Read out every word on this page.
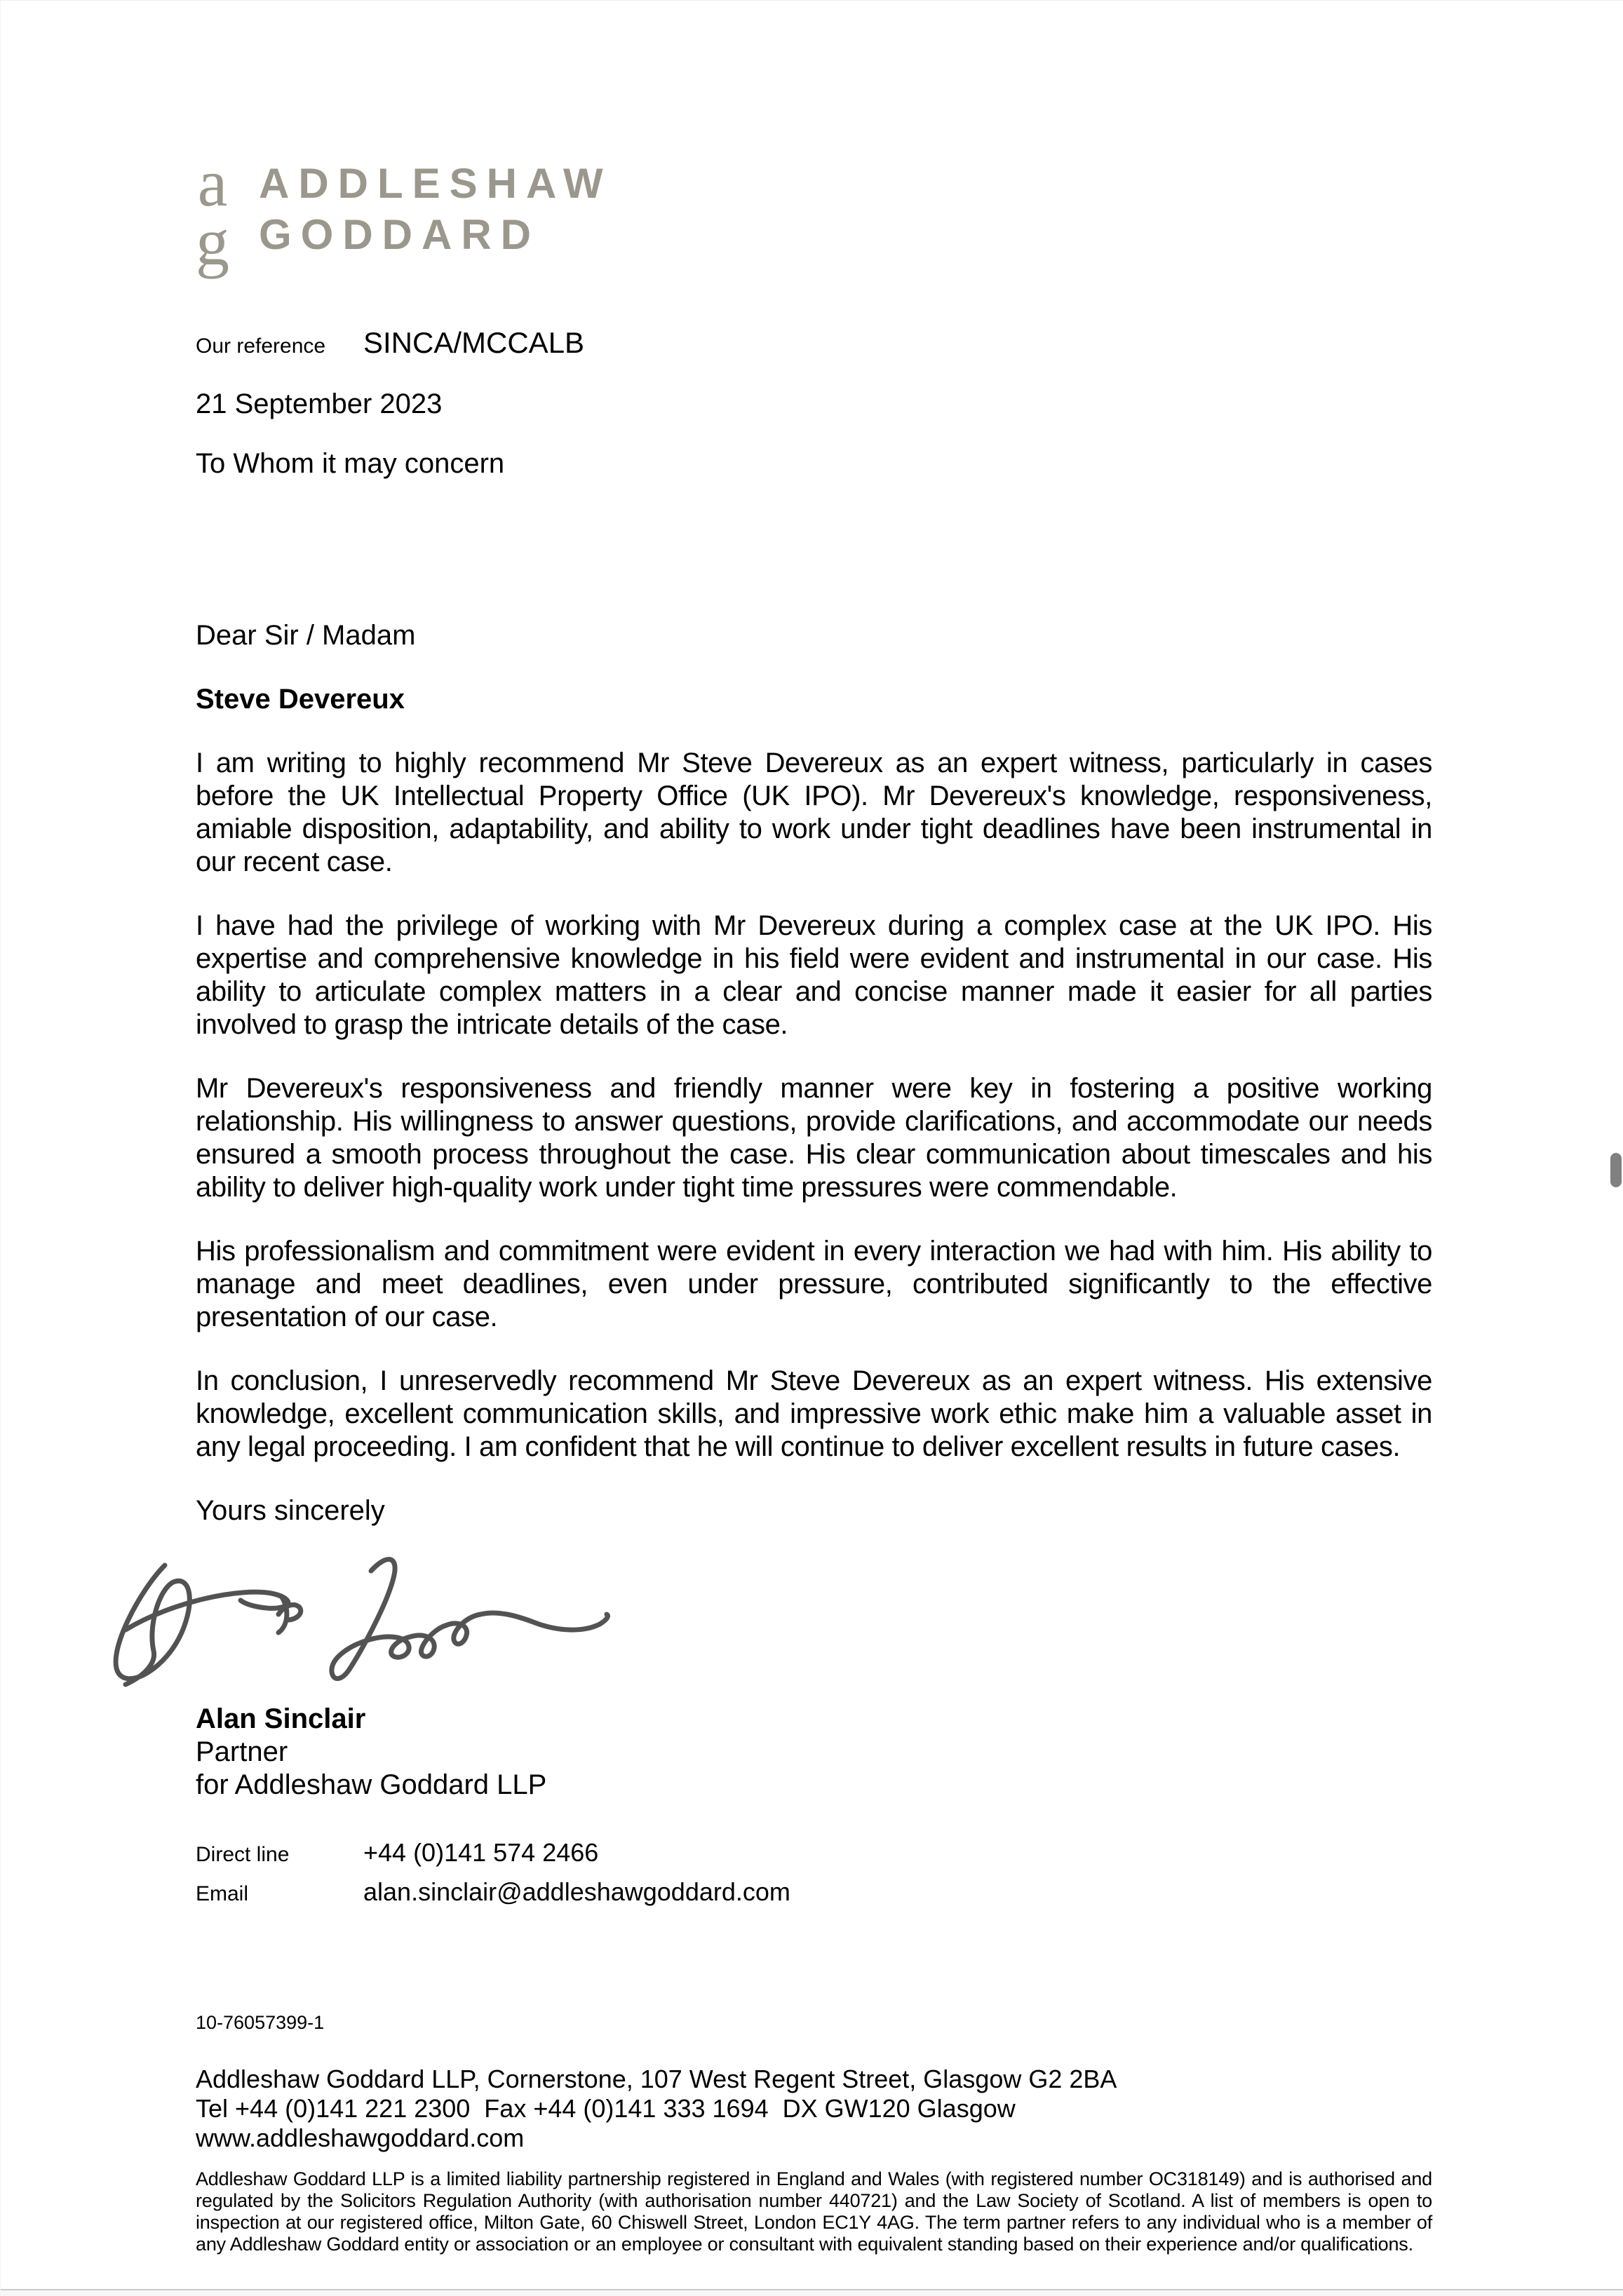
a
g
ADDLESHAW
GODDARD
Our reference	SINCA/MCCALB
21 September 2023
To Whom it may concern
Dear Sir / Madam
Steve Devereux

I am writing to highly recommend Mr Steve Devereux as an expert witness, particularly in cases before the UK Intellectual Property Office (UK IPO). Mr Devereux's knowledge, responsiveness, amiable disposition, adaptability, and ability to work under tight deadlines have been instrumental in our recent case.

I have had the privilege of working with Mr Devereux during a complex case at the UK IPO. His expertise and comprehensive knowledge in his field were evident and instrumental in our case. His ability to articulate complex matters in a clear and concise manner made it easier for all parties involved to grasp the intricate details of the case.

Mr Devereux's responsiveness and friendly manner were key in fostering a positive working relationship. His willingness to answer questions, provide clarifications, and accommodate our needs ensured a smooth process throughout the case. His clear communication about timescales and his ability to deliver high-quality work under tight time pressures were commendable.

His professionalism and commitment were evident in every interaction we had with him. His ability to manage and meet deadlines, even under pressure, contributed significantly to the effective presentation of our case.

In conclusion, I unreservedly recommend Mr Steve Devereux as an expert witness. His extensive knowledge, excellent communication skills, and impressive work ethic make him a valuable asset in any legal proceeding. I am confident that he will continue to deliver excellent results in future cases.

Yours sincerely
Alan Sinclair
Partner
for Addleshaw Goddard LLP
Direct line	+44 (0)141 574 2466
Email	alan.sinclair@addleshawgoddard.com
10-76057399-1
Addleshaw Goddard LLP, Cornerstone, 107 West Regent Street, Glasgow G2 2BA
Tel +44 (0)141 221 2300  Fax +44 (0)141 333 1694  DX GW120 Glasgow
www.addleshawgoddard.com
Addleshaw Goddard LLP is a limited liability partnership registered in England and Wales (with registered number OC318149) and is authorised and regulated by the Solicitors Regulation Authority (with authorisation number 440721) and the Law Society of Scotland. A list of members is open to inspection at our registered office, Milton Gate, 60 Chiswell Street, London EC1Y 4AG. The term partner refers to any individual who is a member of any Addleshaw Goddard entity or association or an employee or consultant with equivalent standing based on their experience and/or qualifications.
